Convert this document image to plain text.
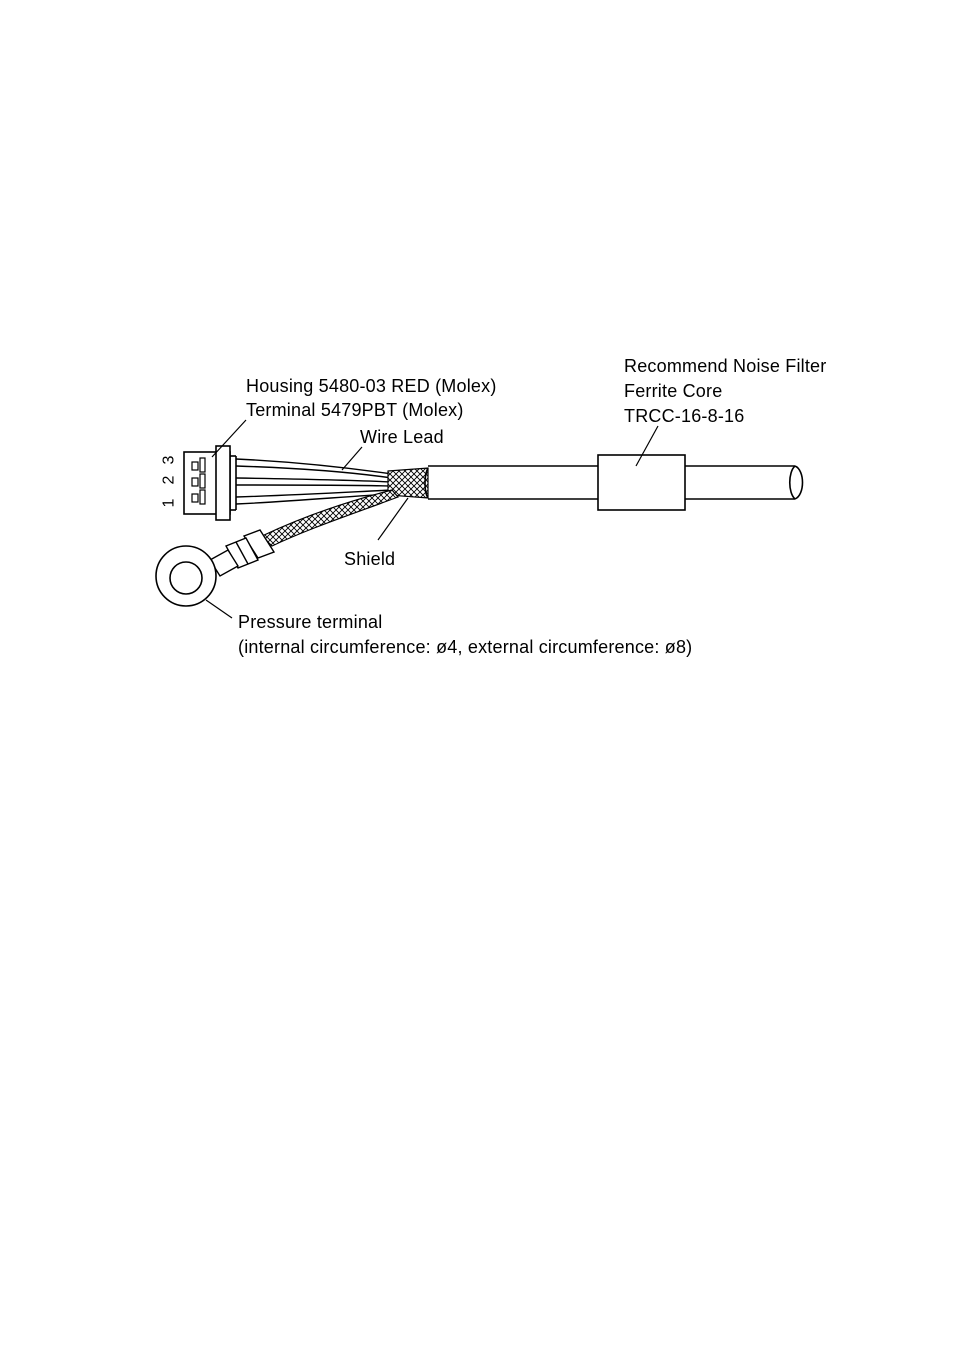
1
2
3
Recommend Noise Filter
Ferrite Core
TRCC-16-8-16
Housing 5480-03 RED (Molex)
Terminal 5479PBT (Molex)
Wire Lead
Shield
Pressure terminal
(internal circumference: ø4, external circumference: ø8)
